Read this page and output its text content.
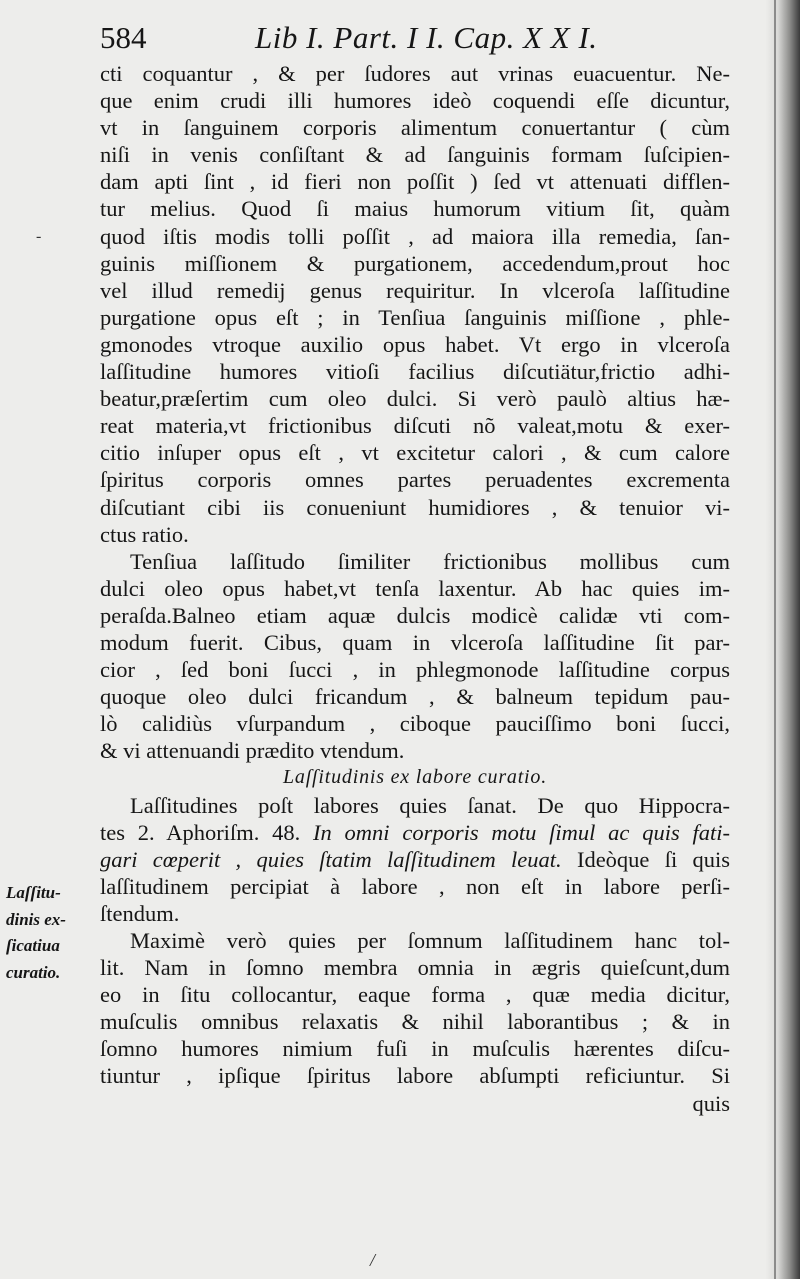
584	Lib I. Part. I I. Cap. X X I.
cti coquantur , & per ſudores aut vrinas euacuentur. Ne-
que enim crudi illi humores ideò coquendi eſſe dicuntur,
vt in ſanguinem corporis alimentum conuertantur ( cùm
niſi in venis conſiſtant & ad ſanguinis formam ſuſcipien-
dam apti ſint , id fieri non poſſit ) ſed vt attenuati difflen-
tur melius. Quod ſi maius humorum vitium ſit, quàm
quod iſtis modis tolli poſſit , ad maiora illa remedia, ſan-
guinis miſſionem & purgationem, accedendum,prout hoc
vel illud remedij genus requiritur. In vlceroſa laſſitudine
purgatione opus eſt ; in Tenſiua ſanguinis miſſione , phle-
gmonodes vtroque auxilio opus habet. Vt ergo in vlceroſa
laſſitudine humores vitioſi facilius diſcutiätur,frictio adhi-
beatur,præſertim cum oleo dulci. Si verò paulò altius hæ-
reat materia,vt frictionibus diſcuti nõ valeat,motu & exer-
citio inſuper opus eſt , vt excitetur calori , & cum calore
ſpiritus corporis omnes partes peruadentes excrementa
diſcutiant cibi iis conueniunt humidiores , & tenuior vi-
ctus ratio.
Tenſiua laſſitudo ſimiliter frictionibus mollibus cum
dulci oleo opus habet,vt tenſa laxentur. Ab hac quies im-
peraſda.Balneo etiam aquæ dulcis modicè calidæ vti com-
modum fuerit. Cibus, quam in vlceroſa laſſitudine ſit par-
cior , ſed boni ſucci , in phlegmonode laſſitudine corpus
quoque oleo dulci fricandum , & balneum tepidum pau-
lò calidiùs vſurpandum , ciboque pauciſſimo boni ſucci,
& vi attenuandi prædito vtendum.
Laſſitudinis ex labore curatio.
Laſſitudines poſt labores quies ſanat. De quo Hippocra-
tes 2. Aphoriſm. 48. In omni corporis motu ſimul ac quis fati-
gari cœperit , quies ſtatim laſſitudinem leuat. Ideòque ſi quis
laſſitudinem percipiat à labore , non eſt in labore perſi-
ſtendum.
Maximè verò quies per ſomnum laſſitudinem hanc tol-
lit. Nam in ſomno membra omnia in ægris quieſcunt,dum
eo in ſitu collocantur, eaque forma , quæ media dicitur,
muſculis omnibus relaxatis & nihil laborantibus ; & in
ſomno humores nimium fuſi in muſculis hærentes diſcu-
tiuntur , ipſique ſpiritus labore abſumpti reficiuntur. Si
quis
Laſſitu-
dinis ex-
ſicatiua
curatio.
-
/
